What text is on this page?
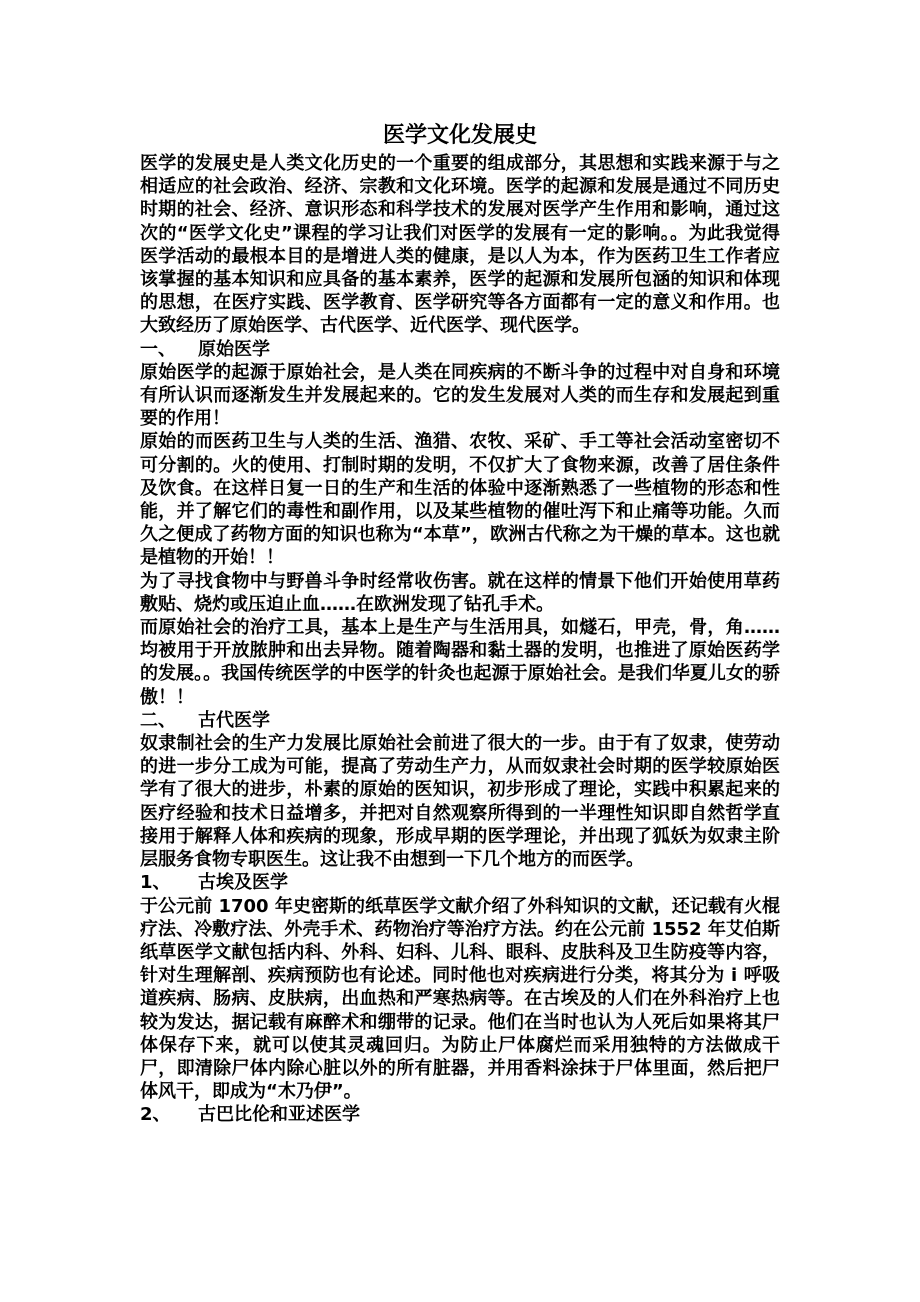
医学文化发展史

医学的发展史是人类文化历史的一个重要的组成部分，其思想和实践来源于与之相适应的社会政治、经济、宗教和文化环境。医学的起源和发展是通过不同历史时期的社会、经济、意识形态和科学技术的发展对医学产生作用和影响，通过这次的“医学文化史”课程的学习让我们对医学的发展有一定的影响。。为此我觉得医学活动的最根本目的是增进人类的健康，是以人为本，作为医药卫生工作者应该掌握的基本知识和应具备的基本素养，医学的起源和发展所包涵的知识和体现的思想，在医疗实践、医学教育、医学研究等各方面都有一定的意义和作用。也大致经历了原始医学、古代医学、近代医学、现代医学。

一、 原始医学

原始医学的起源于原始社会，是人类在同疾病的不断斗争的过程中对自身和环境有所认识而逐渐发生并发展起来的。它的发生发展对人类的而生存和发展起到重要的作用！

原始的而医药卫生与人类的生活、渔猎、农牧、采矿、手工等社会活动室密切不可分割的。火的使用、打制时期的发明，不仅扩大了食物来源，改善了居住条件及饮食。在这样日复一日的生产和生活的体验中逐渐熟悉了一些植物的形态和性能，并了解它们的毒性和副作用，以及某些植物的催吐泻下和止痛等功能。久而久之便成了药物方面的知识也称为“本草”，欧洲古代称之为干燥的草本。这也就是植物的开始！！

为了寻找食物中与野兽斗争时经常收伤害。就在这样的情景下他们开始使用草药敷贴、烧灼或压迫止血……在欧洲发现了钻孔手术。

而原始社会的治疗工具，基本上是生产与生活用具，如燧石，甲壳，骨，角……均被用于开放脓肿和出去异物。随着陶器和黏土器的发明，也推进了原始医药学的发展。。我国传统医学的中医学的针灸也起源于原始社会。是我们华夏儿女的骄傲！！

二、 古代医学

奴隶制社会的生产力发展比原始社会前进了很大的一步。由于有了奴隶，使劳动的进一步分工成为可能，提高了劳动生产力，从而奴隶社会时期的医学较原始医学有了很大的进步，朴素的原始的医知识，初步形成了理论，实践中积累起来的医疗经验和技术日益增多，并把对自然观察所得到的一半理性知识即自然哲学直接用于解释人体和疾病的现象，形成早期的医学理论，并出现了狐妖为奴隶主阶层服务食物专职医生。这让我不由想到一下几个地方的而医学。

1、 古埃及医学

于公元前 1700 年史密斯的纸草医学文献介绍了外科知识的文献，还记载有火棍疗法、冷敷疗法、外壳手术、药物治疗等治疗方法。约在公元前 1552 年艾伯斯纸草医学文献包括内科、外科、妇科、儿科、眼科、皮肤科及卫生防疫等内容，针对生理解剖、疾病预防也有论述。同时他也对疾病进行分类，将其分为 i 呼吸道疾病、肠病、皮肤病，出血热和严寒热病等。在古埃及的人们在外科治疗上也较为发达，据记载有麻醉术和绷带的记录。他们在当时也认为人死后如果将其尸体保存下来，就可以使其灵魂回归。为防止尸体腐烂而采用独特的方法做成干尸，即清除尸体内除心脏以外的所有脏器，并用香料涂抹于尸体里面，然后把尸体风干，即成为“木乃伊”。

2、 古巴比伦和亚述医学
